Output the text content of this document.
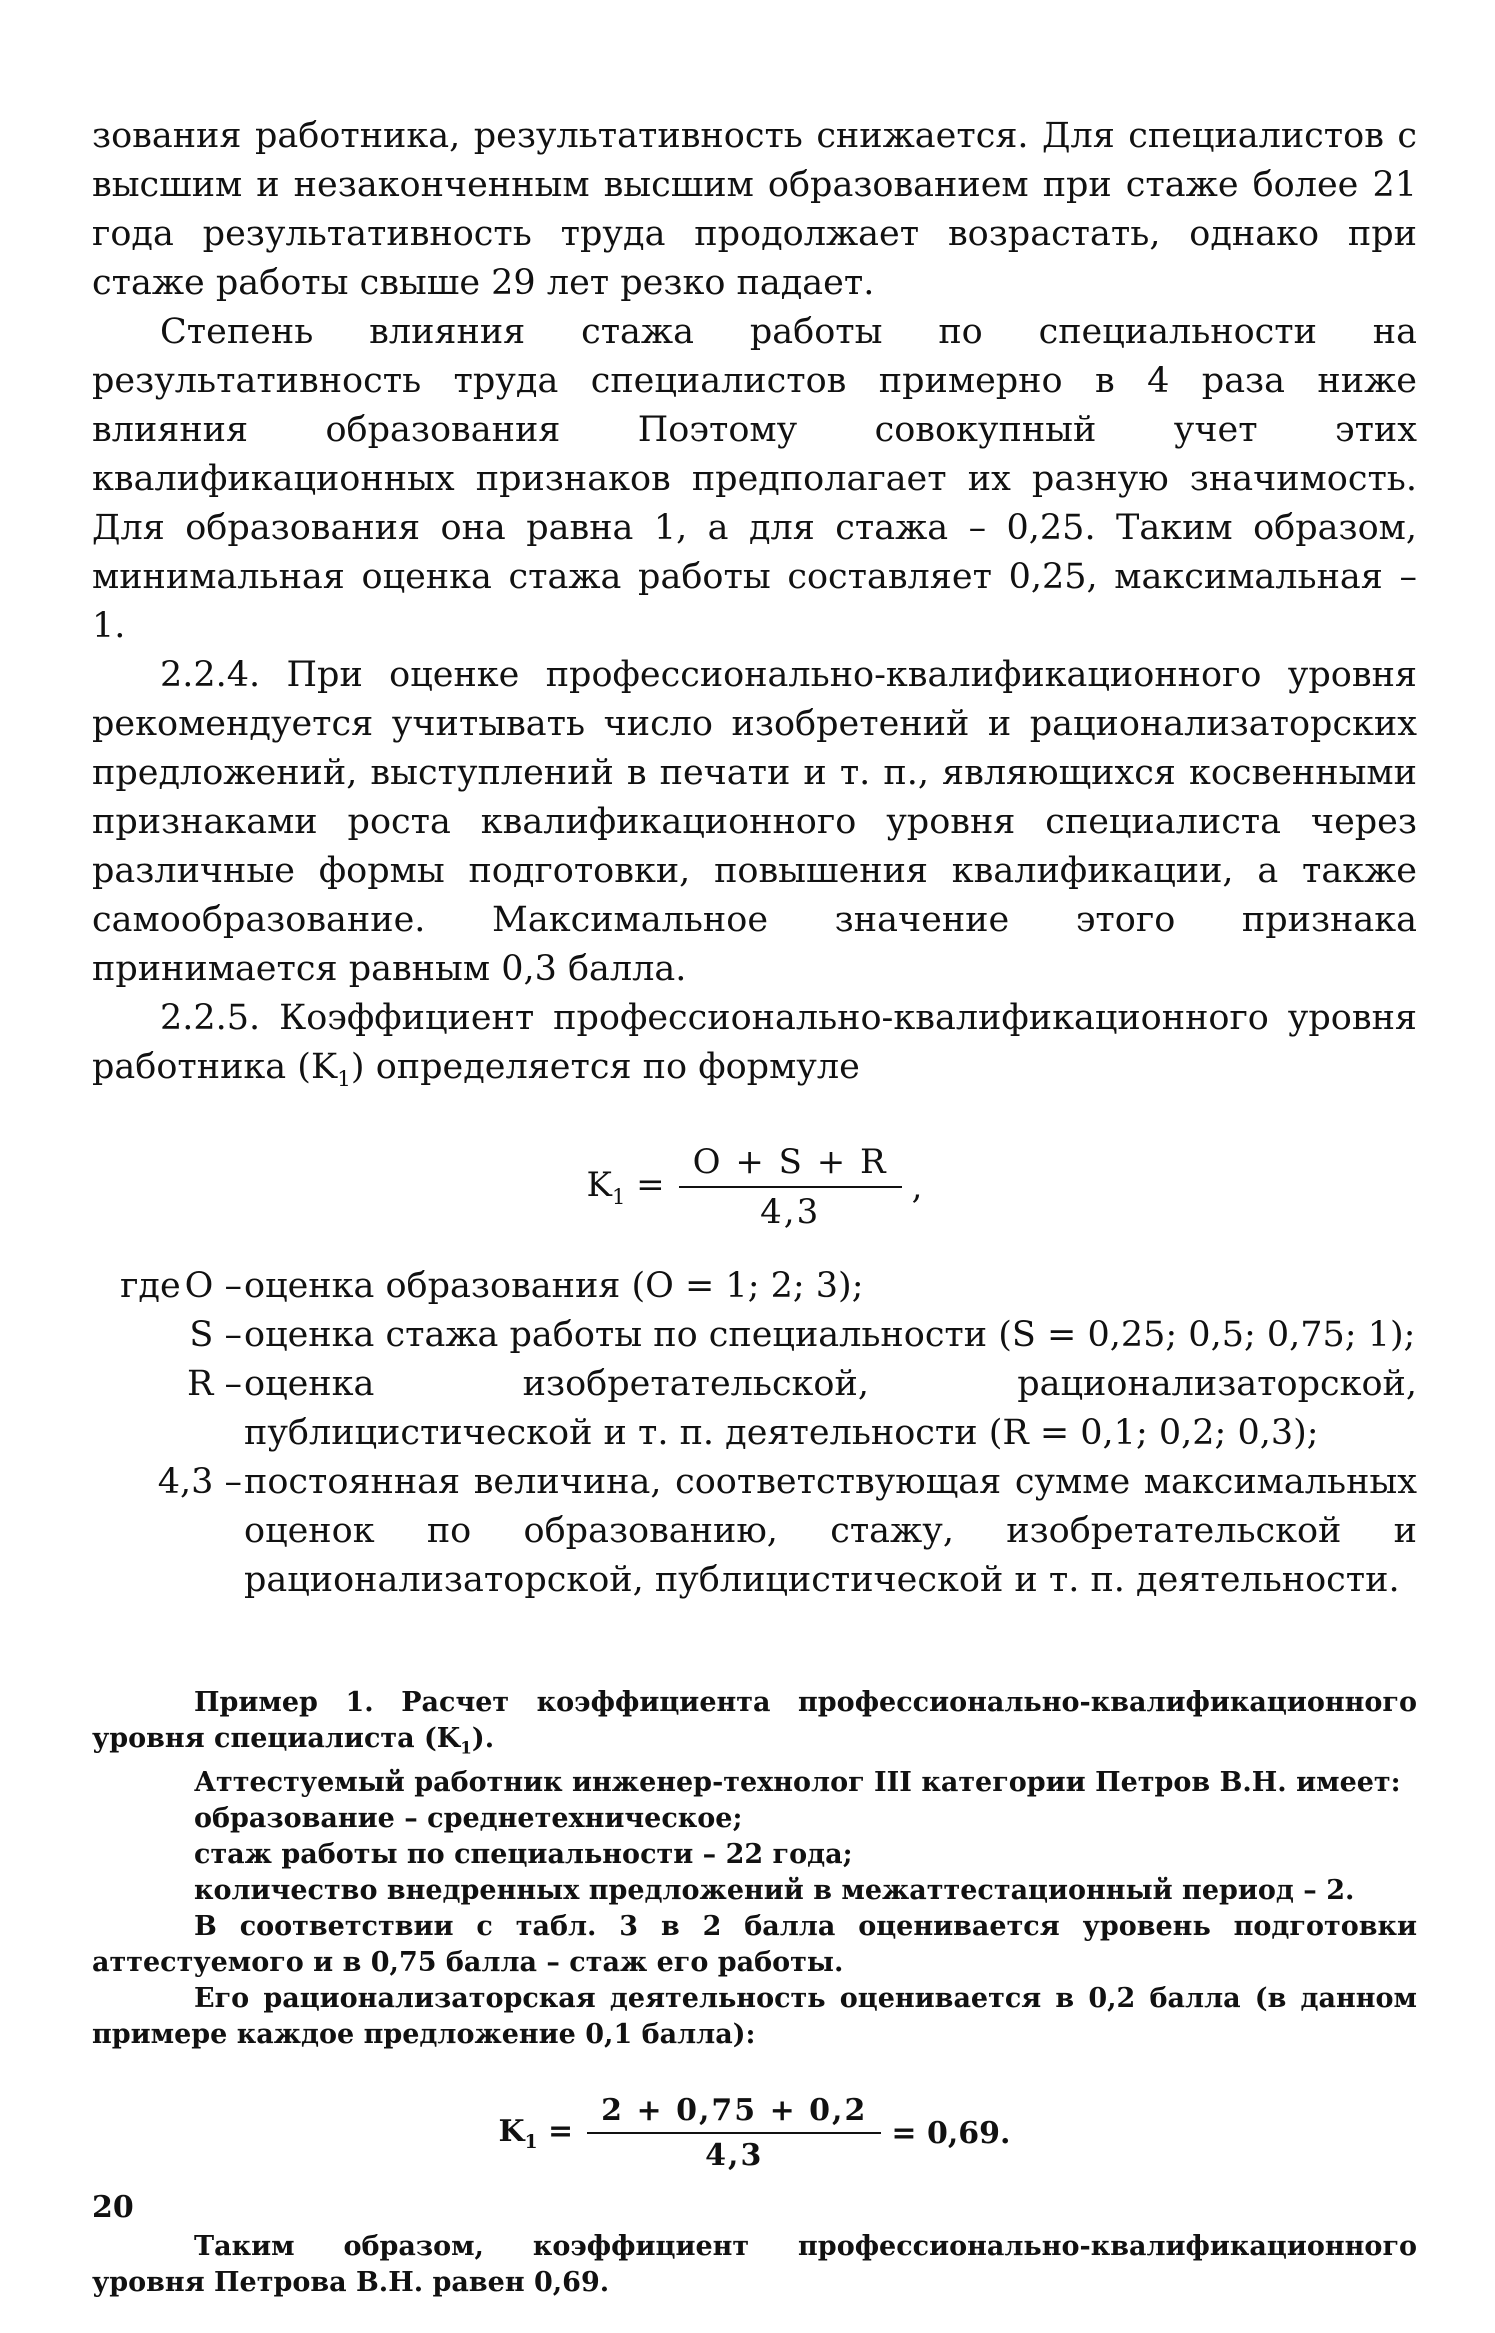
зования работника, результативность снижается. Для специалистов с высшим и незаконченным высшим образованием при стаже более 21 года результативность труда продолжает возрастать, однако при стаже работы свыше 29 лет резко падает.

Степень влияния стажа работы по специальности на результативность труда специалистов примерно в 4 раза ниже влияния образования Поэтому совокупный учет этих квалификационных признаков предполагает их разную значимость. Для образования она равна 1, а для стажа – 0,25. Таким образом, минимальная оценка стажа работы составляет 0,25, максимальная – 1.

2.2.4. При оценке профессионально-квалификационного уровня рекомендуется учитывать число изобретений и рационализаторских предложений, выступлений в печати и т. п., являющихся косвенными признаками роста квалификационного уровня специалиста через различные формы подготовки, повышения квалификации, а также самообразование. Максимальное значение этого признака принимается равным 0,3 балла.

2.2.5. Коэффициент профессионально-квалификационного уровня работника $(K_1)$ определяется по формуле

$K_1 = \frac{O + S + R}{4,3}$ ,
где O – оценка образования (O = 1; 2; 3);
S – оценка стажа работы по специальности (S = 0,25; 0,5; 0,75; 1);
R – оценка изобретательской, рационализаторской, публицистической и т. п. деятельности (R = 0,1; 0,2; 0,3);
4,3 – постоянная величина, соответствующая сумме максимальных оценок по образованию, стажу, изобретательской и рационализаторской, публицистической и т. п. деятельности.

Пример 1. Расчет коэффициента профессионально-квалификационного уровня специалиста $(K_1)$.

Аттестуемый работник инженер-технолог III категории Петров В.Н. имеет:

образование – среднетехническое;

стаж работы по специальности – 22 года;

количество внедренных предложений в межаттестационный период – 2.

В соответствии с табл. 3 в 2 балла оценивается уровень подготовки аттестуемого и в 0,75 балла – стаж его работы.

Его рационализаторская деятельность оценивается в 0,2 балла (в данном примере каждое предложение 0,1 балла):

$K_1 = \frac{2 + 0,75 + 0,2}{4,3} = 0,69$.

Таким образом, коэффициент профессионально-квалификационного уровня Петрова В.Н. равен 0,69.

20
